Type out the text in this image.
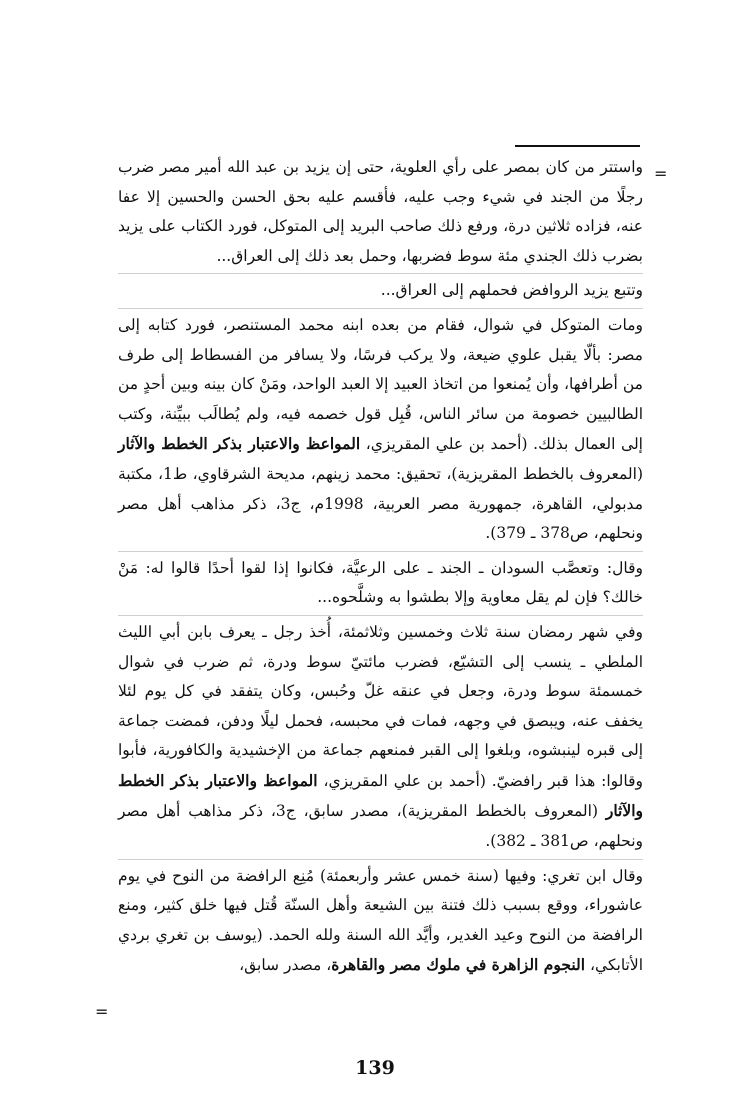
=

واستتر من كان بمصر على رأي العلوية، حتى إن يزيد بن عبد الله أمير مصر ضرب رجلًا من الجند في شيء وجب عليه، فأقسم عليه بحق الحسن والحسين إلا عفا عنه، فزاده ثلاثين درة، ورفع ذلك صاحب البريد إلى المتوكل، فورد الكتاب على يزيد بضرب ذلك الجندي مئة سوط فضربها، وحمل بعد ذلك إلى العراق...

وتتبع يزيد الروافض فحملهم إلى العراق...

ومات المتوكل في شوال، فقام من بعده ابنه محمد المستنصر، فورد كتابه إلى مصر: بألّا يقبل علوي ضيعة، ولا يركب فرسًا، ولا يسافر من الفسطاط إلى طرف من أطرافها، وأن يُمنعوا من اتخاذ العبيد إلا العبد الواحد، ومَنْ كان بينه وبين أحدٍ من الطالبيين خصومة من سائر الناس، قُبِل قول خصمه فيه، ولم يُطالَب ببيِّنة، وكتب إلى العمال بذلك. (أحمد بن علي المقريزي، المواعظ والاعتبار بذكر الخطط والآثار (المعروف بالخطط المقريزية)، تحقيق: محمد زينهم، مديحة الشرقاوي، ط1، مكتبة مدبولي، القاهرة، جمهورية مصر العربية، 1998م، ج3، ذكر مذاهب أهل مصر ونحلهم، ص378 ـ 379).

وقال: وتعصَّب السودان ـ الجند ـ على الرعيَّة، فكانوا إذا لقوا أحدًا قالوا له: مَنْ خالك؟ فإن لم يقل معاوية وإلا بطشوا به وشلَّحوه...

وفي شهر رمضان سنة ثلاث وخمسين وثلاثمئة، أُخذ رجل ـ يعرف بابن أبي الليث الملطي ـ ينسب إلى التشيّع، فضرب مائتيّ سوط ودرة، ثم ضرب في شوال خمسمئة سوط ودرة، وجعل في عنقه غلّ وحُبس، وكان يتفقد في كل يوم لئلا يخفف عنه، ويبصق في وجهه، فمات في محبسه، فحمل ليلًا ودفن، فمضت جماعة إلى قبره لينبشوه، وبلغوا إلى القبر فمنعهم جماعة من الإخشيدية والكافورية، فأبوا وقالوا: هذا قبر رافضيّ. (أحمد بن علي المقريزي، المواعظ والاعتبار بذكر الخطط والآثار (المعروف بالخطط المقريزية)، مصدر سابق، ج3، ذكر مذاهب أهل مصر ونحلهم، ص381 ـ 382).

وقال ابن تغري: وفيها (سنة خمس عشر وأربعمئة) مُنِع الرافضة من النوح في يوم عاشوراء، ووقع بسبب ذلك فتنة بين الشيعة وأهل السنّة قُتل فيها خلق كثير، ومنع الرافضة من النوح وعيد الغدير، وأيَّد الله السنة ولله الحمد. (يوسف بن تغري بردي الأتابكي، النجوم الزاهرة في ملوك مصر والقاهرة، مصدر سابق،

=
139
